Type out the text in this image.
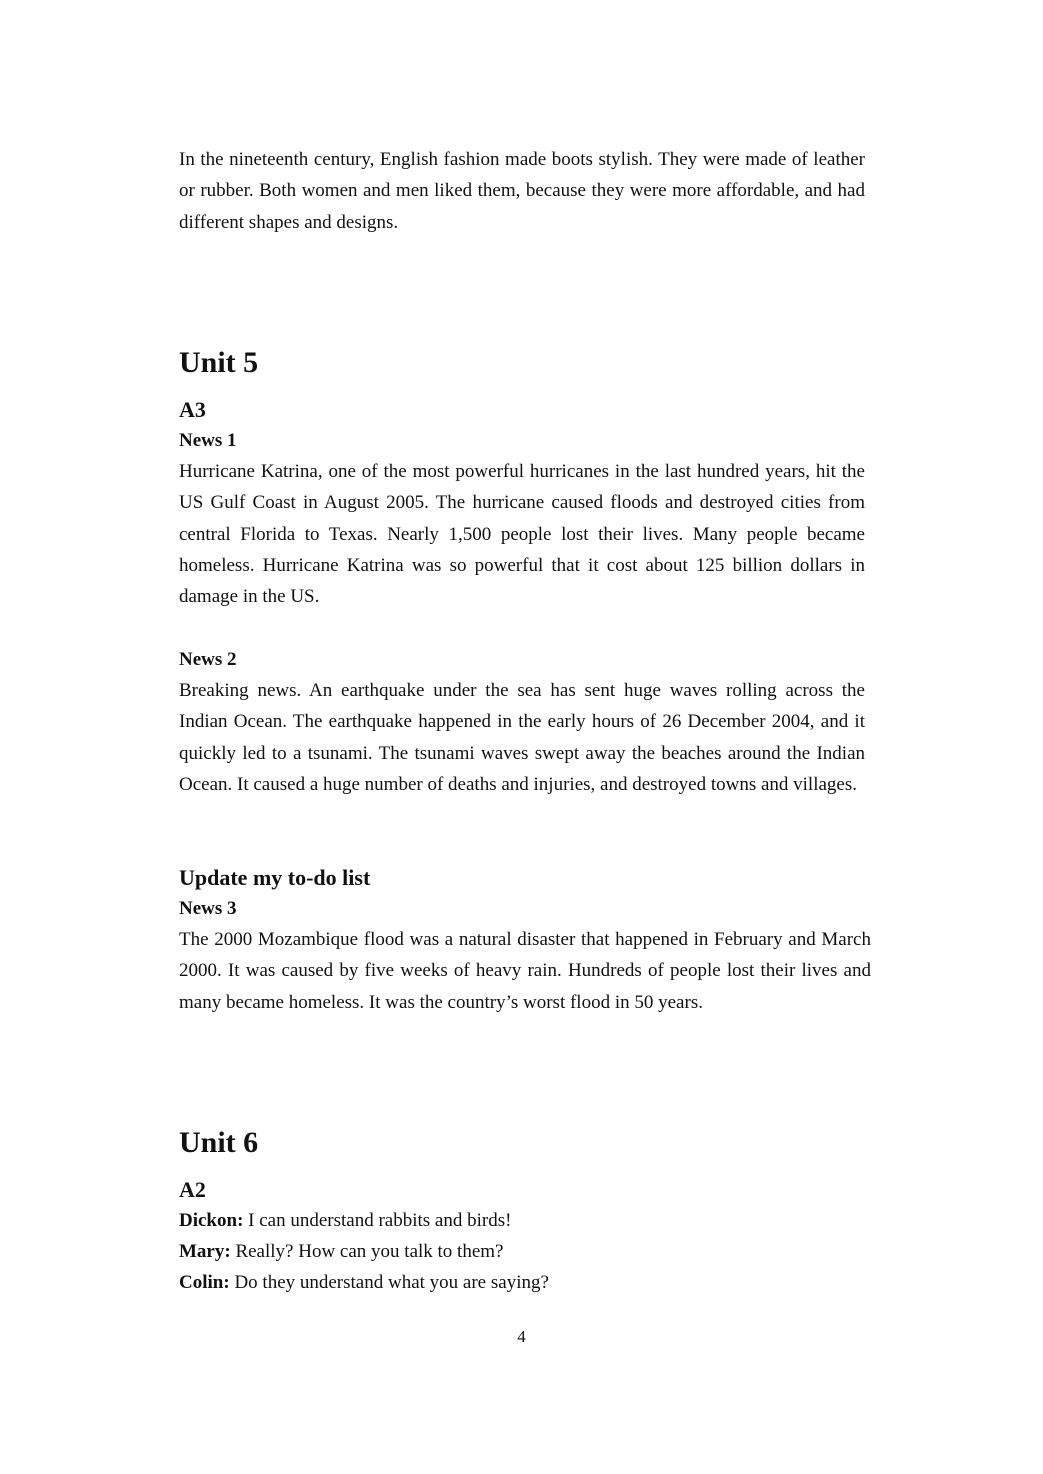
In the nineteenth century, English fashion made boots stylish. They were made of leather or rubber. Both women and men liked them, because they were more affordable, and had different shapes and designs.

Unit 5
A3
News 1

Hurricane Katrina, one of the most powerful hurricanes in the last hundred years, hit the US Gulf Coast in August 2005. The hurricane caused floods and destroyed cities from central Florida to Texas. Nearly 1,500 people lost their lives. Many people became homeless. Hurricane Katrina was so powerful that it cost about 125 billion dollars in damage in the US.

News 2

Breaking news. An earthquake under the sea has sent huge waves rolling across the Indian Ocean. The earthquake happened in the early hours of 26 December 2004, and it quickly led to a tsunami. The tsunami waves swept away the beaches around the Indian Ocean. It caused a huge number of deaths and injuries, and destroyed towns and villages.

Update my to-do list
News 3

The 2000 Mozambique flood was a natural disaster that happened in February and March 2000. It was caused by five weeks of heavy rain. Hundreds of people lost their lives and many became homeless. It was the country’s worst flood in 50 years.

Unit 6
A2

Dickon: I can understand rabbits and birds!

Mary: Really? How can you talk to them?

Colin: Do they understand what you are saying?

4
